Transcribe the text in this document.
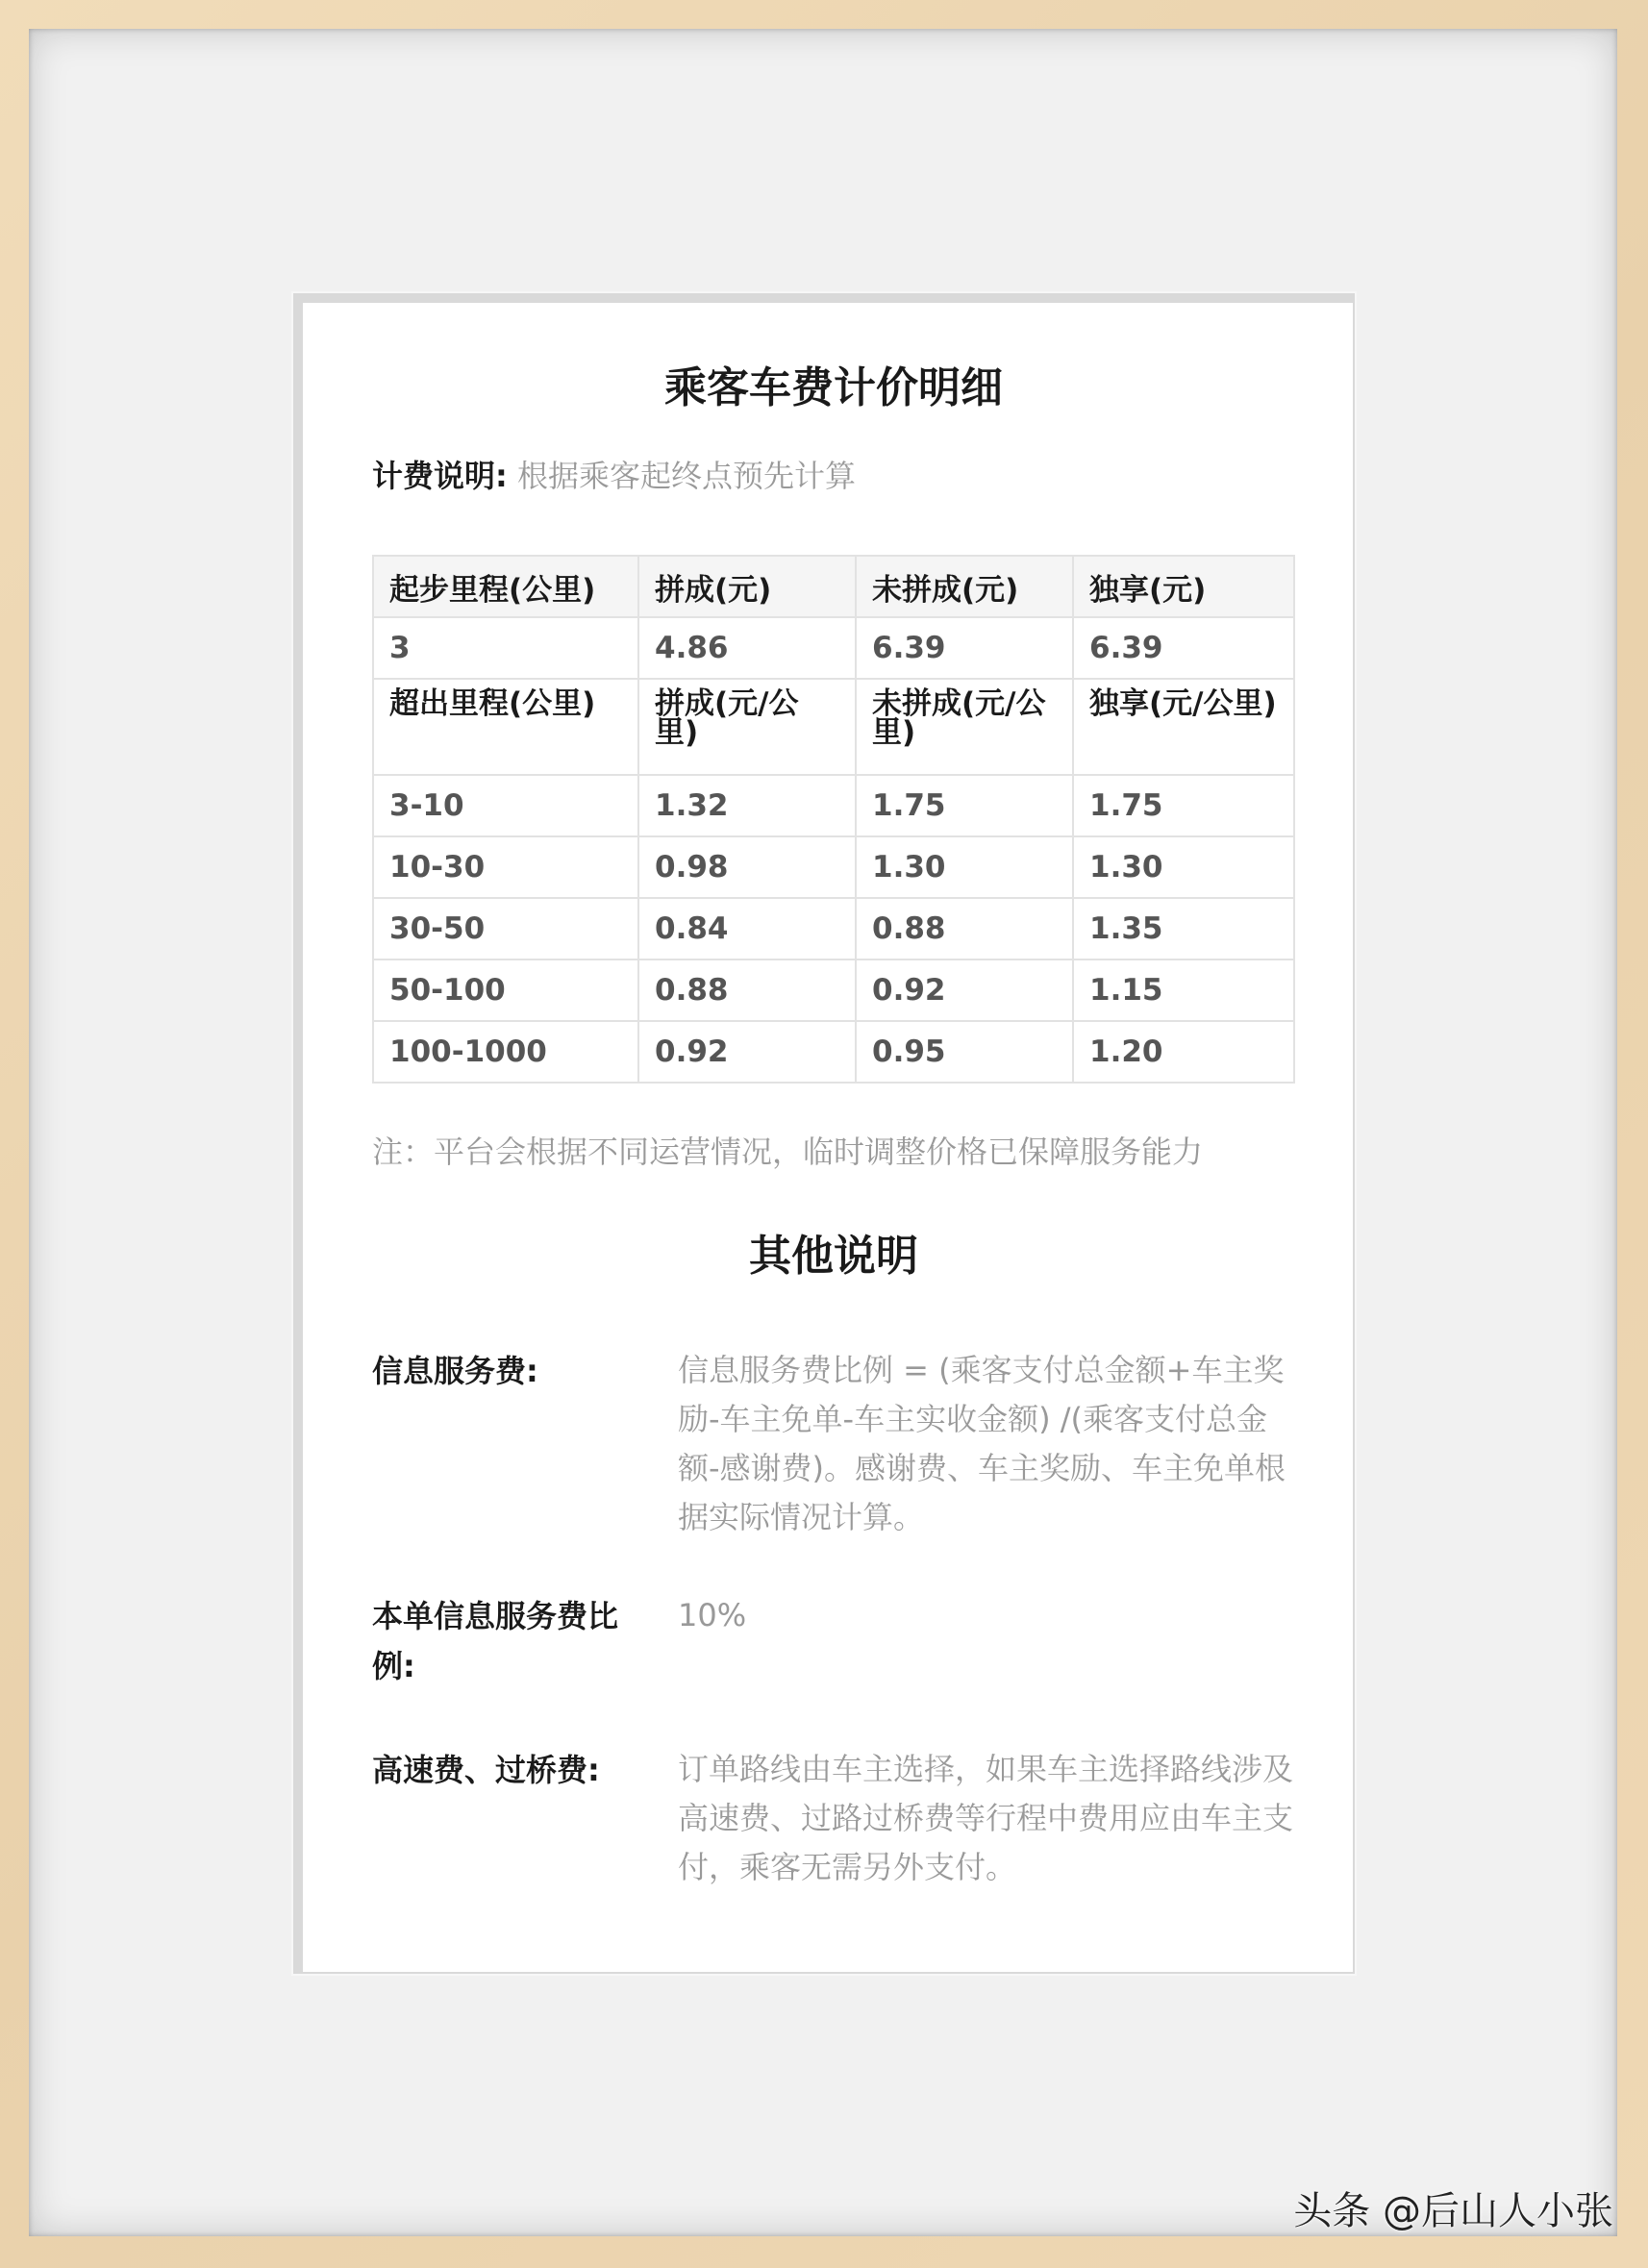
乘客车费计价明细
计费说明: 根据乘客起终点预先计算
起步里程(公里)	拼成(元)	未拼成(元)	独享(元)
3	4.86	6.39	6.39
超出里程(公里)	拼成(元/公里)	未拼成(元/公里)	独享(元/公里)
3-10	1.32	1.75	1.75
10-30	0.98	1.30	1.30
30-50	0.84	0.88	1.35
50-100	0.88	0.92	1.15
100-1000	0.92	0.95	1.20
注：平台会根据不同运营情况，临时调整价格已保障服务能力
其他说明
信息服务费:	信息服务费比例 = (乘客支付总金额+车主奖励-车主免单-车主实收金额) /(乘客支付总金额-感谢费)。感谢费、车主奖励、车主免单根据实际情况计算。
本单信息服务费比例:
10%
高速费、过桥费:	订单路线由车主选择，如果车主选择路线涉及高速费、过路过桥费等行程中费用应由车主支付，乘客无需另外支付。
头条 @后山人小张
